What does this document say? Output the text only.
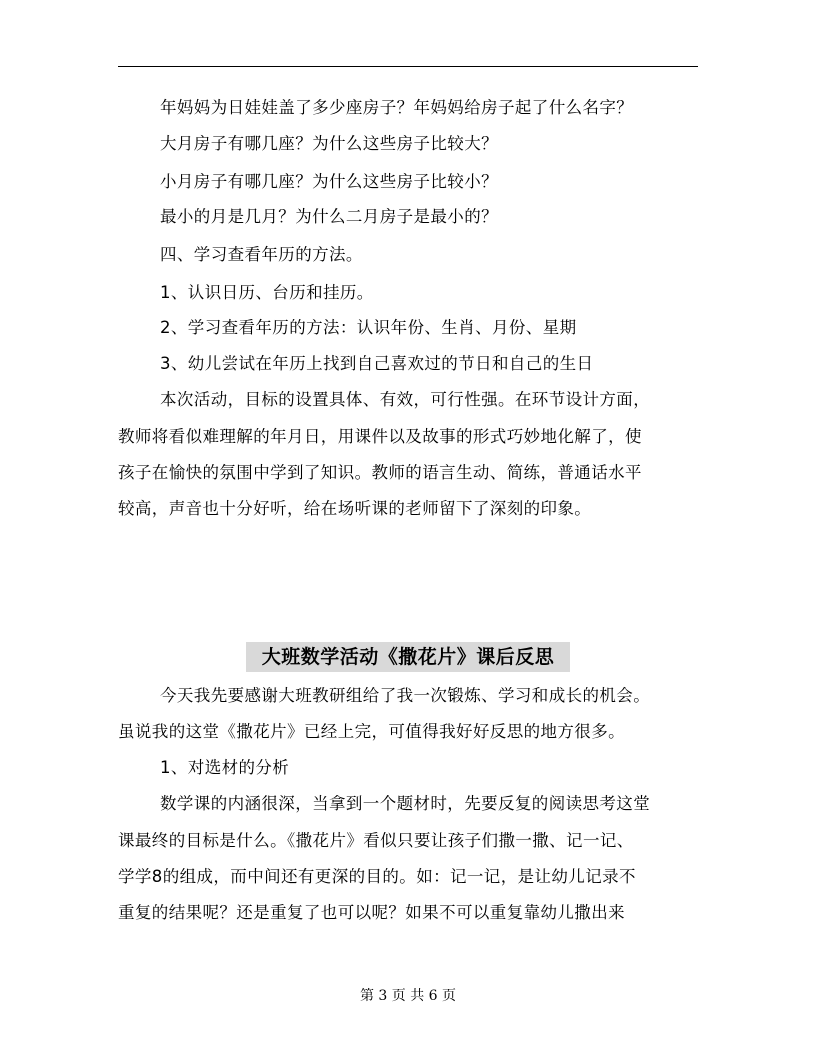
年妈妈为日娃娃盖了多少座房子？年妈妈给房子起了什么名字？
大月房子有哪几座？为什么这些房子比较大？
小月房子有哪几座？为什么这些房子比较小？
最小的月是几月？为什么二月房子是最小的？
四、学习查看年历的方法。
1、认识日历、台历和挂历。
2、学习查看年历的方法：认识年份、生肖、月份、星期
3、幼儿尝试在年历上找到自己喜欢过的节日和自己的生日
本次活动，目标的设置具体、有效，可行性强。在环节设计方面，
教师将看似难理解的年月日，用课件以及故事的形式巧妙地化解了，使
孩子在愉快的氛围中学到了知识。教师的语言生动、简练，普通话水平
较高，声音也十分好听，给在场听课的老师留下了深刻的印象。
大班数学活动《撒花片》课后反思
今天我先要感谢大班教研组给了我一次锻炼、学习和成长的机会。
虽说我的这堂《撒花片》已经上完，可值得我好好反思的地方很多。
1、对选材的分析
数学课的内涵很深，当拿到一个题材时，先要反复的阅读思考这堂
课最终的目标是什么。《撒花片》看似只要让孩子们撒一撒、记一记、
学学8的组成，而中间还有更深的目的。如：记一记，是让幼儿记录不
重复的结果呢？还是重复了也可以呢？如果不可以重复靠幼儿撒出来
第 3 页 共 6 页
